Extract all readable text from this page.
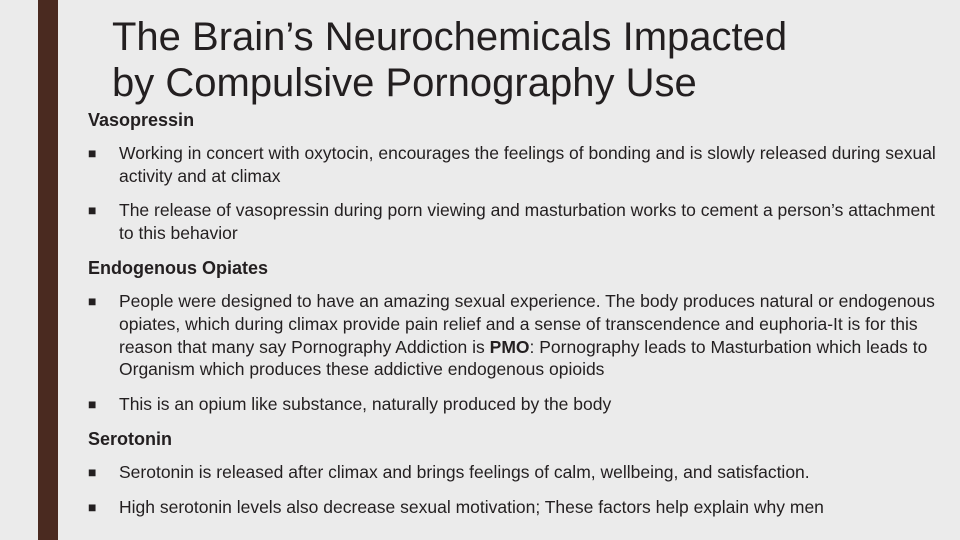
The Brain’s Neurochemicals Impacted
by Compulsive Pornography Use
Vasopressin
■ Working in concert with oxytocin, encourages the feelings of bonding and is slowly released during sexual activity and at climax
■ The release of vasopressin during porn viewing and masturbation works to cement a person’s attachment to this behavior
Endogenous Opiates
■ People were designed to have an amazing sexual experience. The body produces natural or endogenous opiates, which during climax provide pain relief and a sense of transcendence and euphoria-It is for this reason that many say Pornography Addiction is PMO: Pornography leads to Masturbation which leads to Organism which produces these addictive endogenous opioids
■ This is an opium like substance, naturally produced by the body
Serotonin
■ Serotonin is released after climax and brings feelings of calm, wellbeing, and satisfaction.
■ High serotonin levels also decrease sexual motivation; These factors help explain why men
